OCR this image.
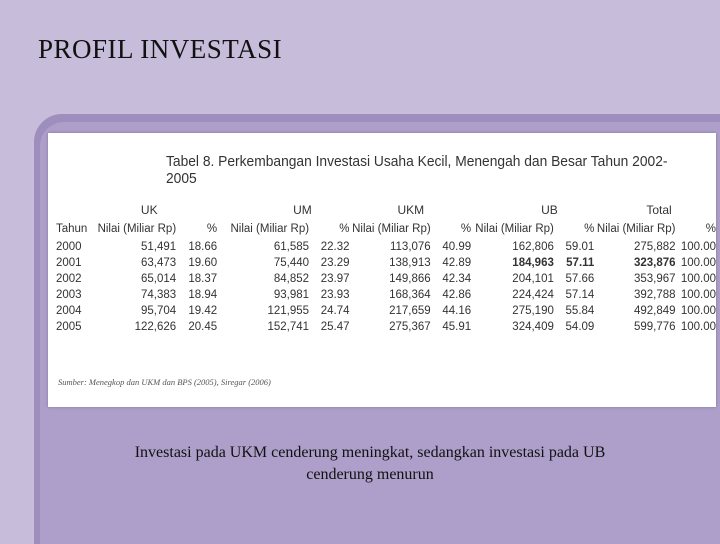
PROFIL INVESTASI
Tabel 8. Perkembangan Investasi Usaha Kecil, Menengah dan Besar Tahun 2002-2005
	UK		UM		UKM		UB		Total	
Tahun	Nilai (Miliar Rp)	%	Nilai (Miliar Rp)	%	Nilai (Miliar Rp)	%	Nilai (Miliar Rp)	%	Nilai (Miliar Rp)	%
2000	51,491	18.66	61,585	22.32	113,076	40.99	162,806	59.01	275,882	100.00
2001	63,473	19.60	75,440	23.29	138,913	42.89	184,963	57.11	323,876	100.00
2002	65,014	18.37	84,852	23.97	149,866	42.34	204,101	57.66	353,967	100.00
2003	74,383	18.94	93,981	23.93	168,364	42.86	224,424	57.14	392,788	100.00
2004	95,704	19.42	121,955	24.74	217,659	44.16	275,190	55.84	492,849	100.00
2005	122,626	20.45	152,741	25.47	275,367	45.91	324,409	54.09	599,776	100.00
Sumber: Menegkop dan UKM dan BPS (2005), Siregar (2006)
Investasi pada UKM cenderung meningkat, sedangkan investasi pada UB
cenderung menurun
